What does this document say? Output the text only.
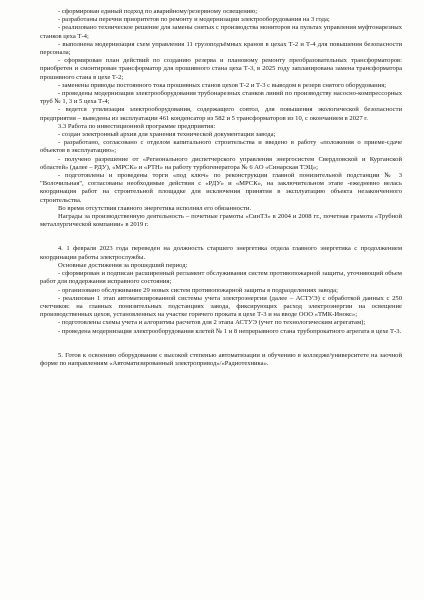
- сформирован единый подход по аварийному/резервному освещению;

- разработаны перечни приоритетов по ремонту и модернизации электрооборудования на 3 года;

- реализовано техническое решение для замены снятых с производства мониторов на пультах управления муфтонарезных станков цеха Т-4;

- выполнена модернизация схем управления 11 грузоподъёмных кранов в цехах Т-2 и Т-4 для повышения безопасности персонала;

- сформирован план действий по созданию резерва и плановому ремонту преобразовательных трансформаторов: приобретен и смонтирован трансформатор для прошивного стана цеха Т-3, в 2025 году запланирована замена трансформатора прошивного стана в цехе Т-2;

- заменены приводы постоянного тока прошивных станов цехов Т-2 и Т-3 с выводом в резерв снятого оборудования;

- проведены модернизация электрооборудования трубонарезных станков линий по производству насосно-компрессорных труб № 1, 3 и 5 цеха Т-4;

- ведется утилизация электрооборудования, содержащего совтол, для повышения экологической безопасности предприятия – выведены из эксплуатации 461 конденсатор из 582 и 5 трансформаторов из 10, с окончанием в 2027 г.

3.3 Работа по инвестиционной программе предприятия:

- создан электронный архив для хранения технической документации завода;

- разработано, согласовано с отделом капитального строительства и введено в работу «положения о приеме-сдаче объектов в эксплуатацию»;

- получено разрешение от «Регионального диспетчерского управления энергосистем Свердловской и Курганской областей» (далее – РДУ), «МРСК» и «РТН» на работу турбогенератора № 6 АО «Синарская ТЭЦ»;

- подготовлены и проведены торги «под ключ» по реконструкции главной понизительной подстанции № 3 "Волочильная", согласованы необходимые действия с «РДУ» и «МРСК», на заключительном этапе -ежедневно велась координация работ на строительной площадке для исключения принятия в эксплуатацию объекта незаконченного строительства.

Во время отсутствия главного энергетика исполнял его обязанности.

Награды за производственную деятельность – почетные грамоты «СинТЗ» в 2004 и 2008 гг., почетная грамота «Трубной металлургической компании» в 2019 г.

4. 1 февраля 2023 года переведен на должность старшего энергетика отдела главного энергетика с продолжением координации работы электрослужбы.

Основные достижения за прошедший период:

- сформирован и подписан расширенный регламент обслуживания систем противопожарной защиты, уточняющий объем работ для поддержания исправного состояния;

- организовано обслуживание 29 новых систем противопожарной защиты в подразделениях завода;

- реализован 1 этап автоматизированной системы учета электроэнергии (далее – АСТУЭ) с обработкой данных с 250 счетчиков: на главных понизительных подстанциях завода, фиксирующих расход электроэнергии на освещение производственных цехов, установленных на участке горячего проката в цехе Т-3 и на вводе ООО «ТМК-Инокс»;

- подготовлены схемы учета и алгоритмы расчетов для 2 этапа АСТУЭ (учет по технологическим агрегатам);

- проведена модернизация электрооборудования клетей № 1 и 8 непрерывного стана трубопрокатного агрегата в цехе Т-3.

5. Готов к освоению оборудования с высокой степенью автоматизации и обучению в колледже/университете на заочной форме по направлениям «Автоматизированный электропривод»/«Радиотехника».
